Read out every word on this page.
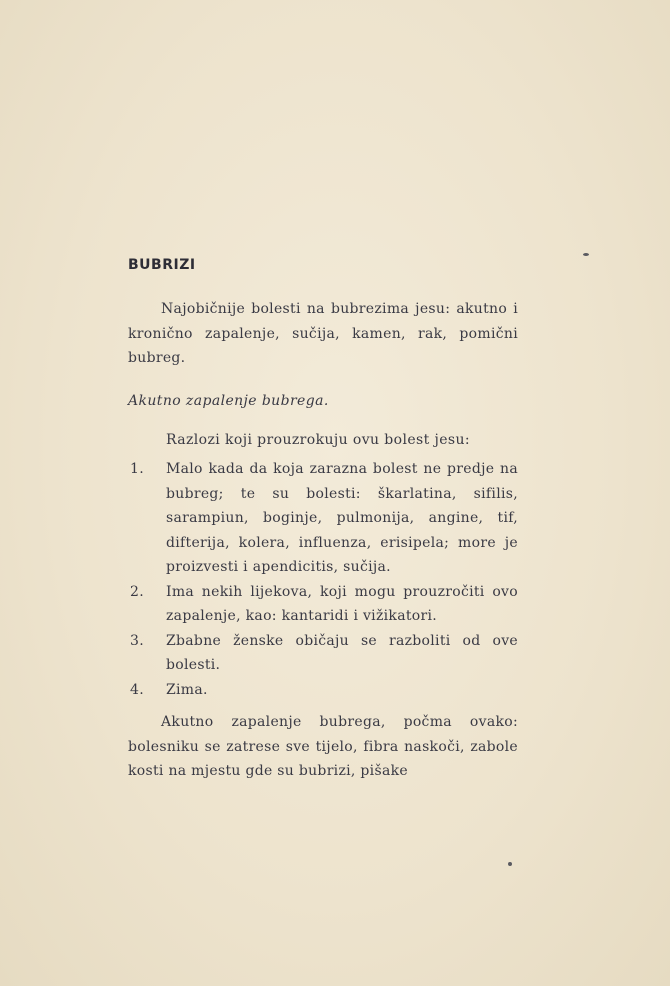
BUBRIZI

Najobičnije bolesti na bubrezima jesu: akutno i kronično zapalenje, sučija, kamen, rak, pomični bubreg.

Akutno zapalenje bubrega.
Razlozi koji prouzrokuju ovu bolest jesu:
1. Malo kada da koja zarazna bolest ne predje na bubreg; te su bolesti: škarlatina, sifilis, sarampiun, boginje, pulmonija, angine, tif, difterija, kolera, influenza, erisipela; more je proizvesti i apendicitis, sučija.
2. Ima nekih lijekova, koji mogu prouzročiti ovo zapalenje, kao: kantaridi i vižikatori.
3. Zbabne ženske običaju se razboliti od ove bolesti.
4. Zima.

Akutno zapalenje bubrega, počma ovako: bolesniku se zatrese sve tijelo, fibra naskoči, zabole kosti na mjestu gde su bubrizi, pišake
